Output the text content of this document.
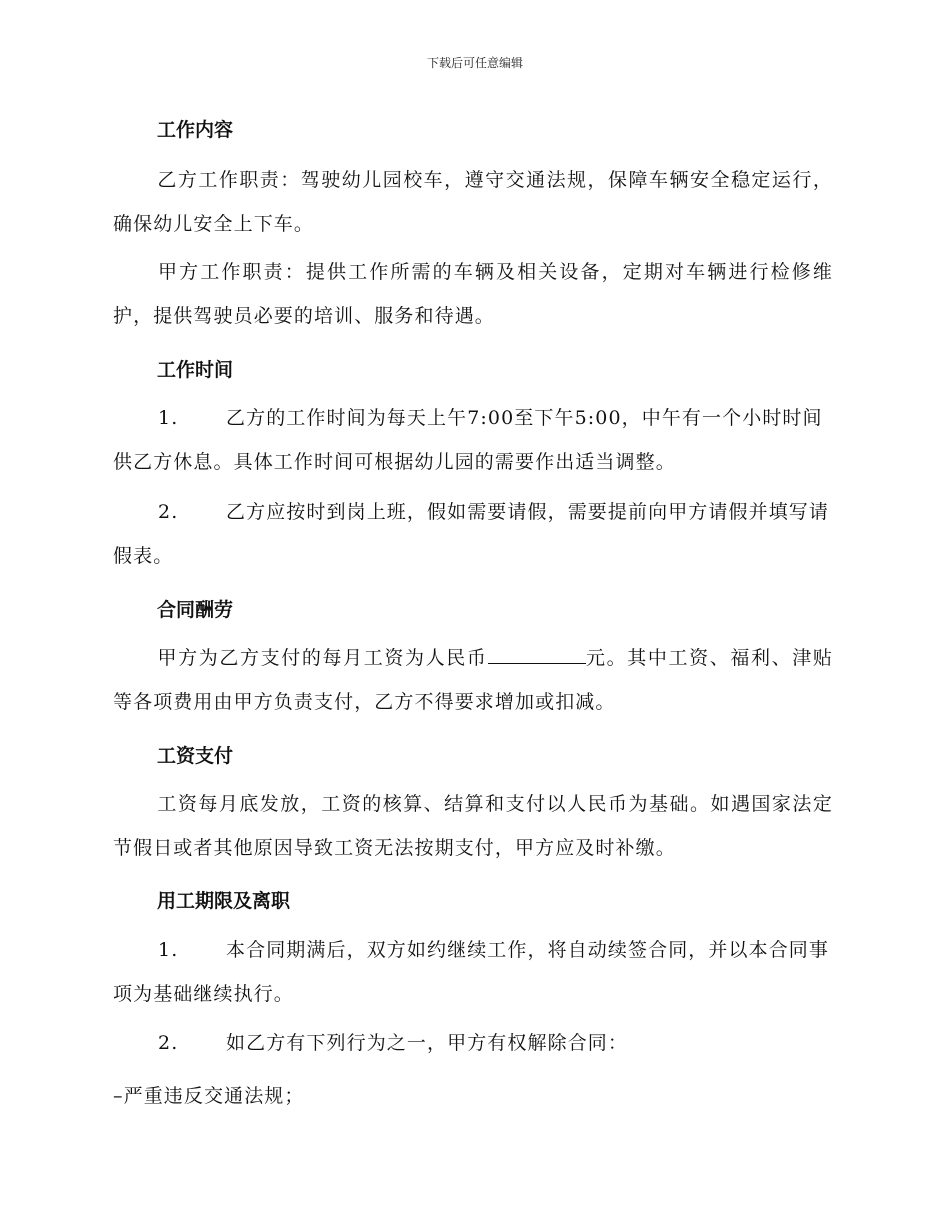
下载后可任意编辑
工作内容
乙方工作职责：驾驶幼儿园校车，遵守交通法规，保障车辆安全稳定运行，确保幼儿安全上下车。
甲方工作职责：提供工作所需的车辆及相关设备，定期对车辆进行检修维护，提供驾驶员必要的培训、服务和待遇。
工作时间
1.	乙方的工作时间为每天上午7:00至下午5:00，中午有一个小时时间供乙方休息。具体工作时间可根据幼儿园的需要作出适当调整。
2.	乙方应按时到岗上班，假如需要请假，需要提前向甲方请假并填写请假表。
合同酬劳
甲方为乙方支付的每月工资为人民币	元。其中工资、福利、津贴等各项费用由甲方负责支付，乙方不得要求增加或扣减。
工资支付
工资每月底发放，工资的核算、结算和支付以人民币为基础。如遇国家法定节假日或者其他原因导致工资无法按期支付，甲方应及时补缴。
用工期限及离职
1.	本合同期满后，双方如约继续工作，将自动续签合同，并以本合同事项为基础继续执行。
2.	如乙方有下列行为之一，甲方有权解除合同：
–严重违反交通法规；
